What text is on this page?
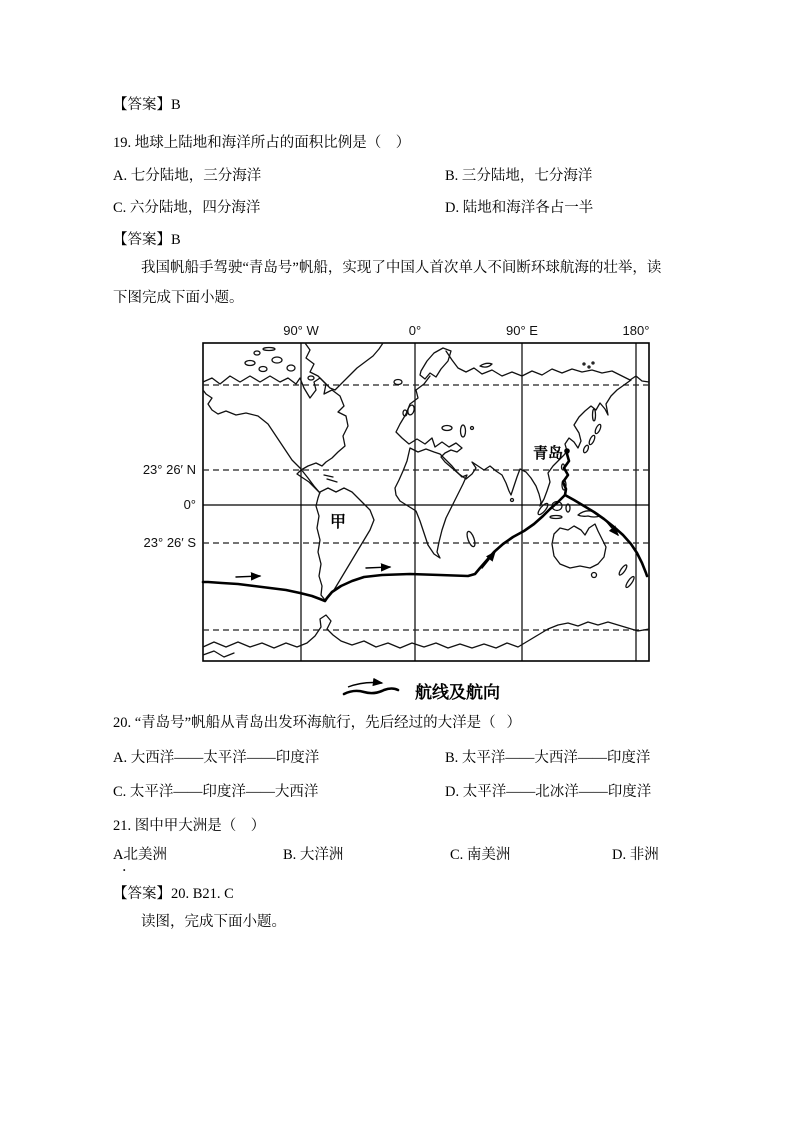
【答案】B
19. 地球上陆地和海洋所占的面积比例是（    ）
A. 七分陆地，三分海洋	B. 三分陆地，七分海洋
C. 六分陆地，四分海洋	D. 陆地和海洋各占一半
【答案】B
我国帆船手驾驶“青岛号”帆船，实现了中国人首次单人不间断环球航海的壮举，读
下图完成下面小题。
90° W	0°	90° E	180°
23° 26′ N
0°
23° 26′ S
青岛
甲
航线及航向
20. “青岛号”帆船从青岛出发环海航行，先后经过的大洋是（   ）
A. 大西洋——太平洋——印度洋	B. 太平洋——大西洋——印度洋
C. 太平洋——印度洋——大西洋	D. 太平洋——北冰洋——印度洋
21. 图中甲大洲是（    ）
A北美洲
．
B. 大洋洲	C. 南美洲	D. 非洲
【答案】20. B21. C
读图，完成下面小题。
